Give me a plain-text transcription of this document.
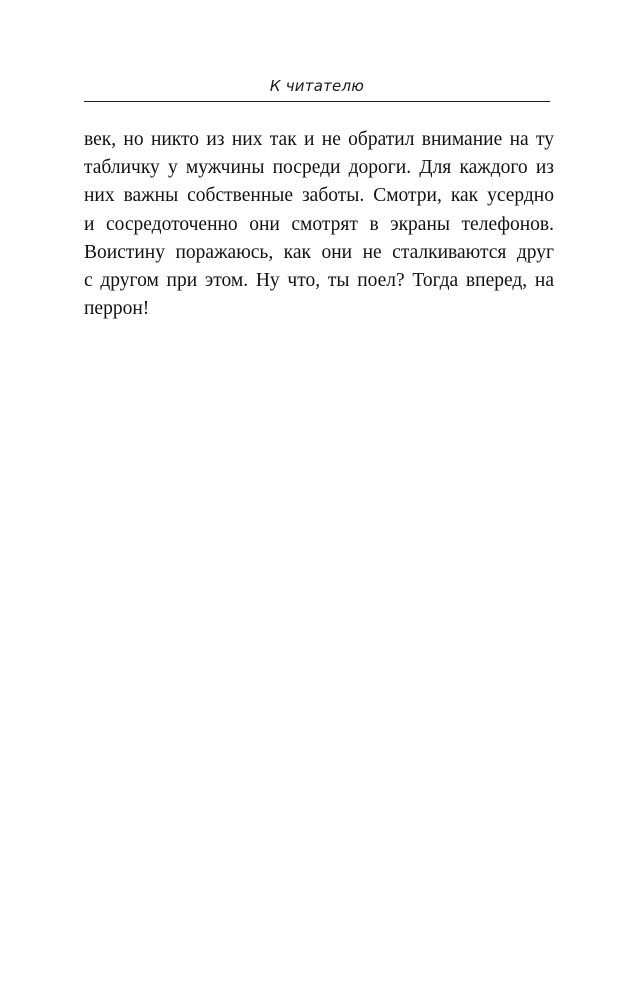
К читателю
век, но никто из них так и не обратил внимание на ту
табличку у мужчины посреди дороги. Для каждого из
них важны собственные заботы. Смотри, как усердно
и сосредоточенно они смотрят в экраны телефонов.
Воистину поражаюсь, как они не сталкиваются друг
с другом при этом. Ну что, ты поел? Тогда вперед, на
перрон!
